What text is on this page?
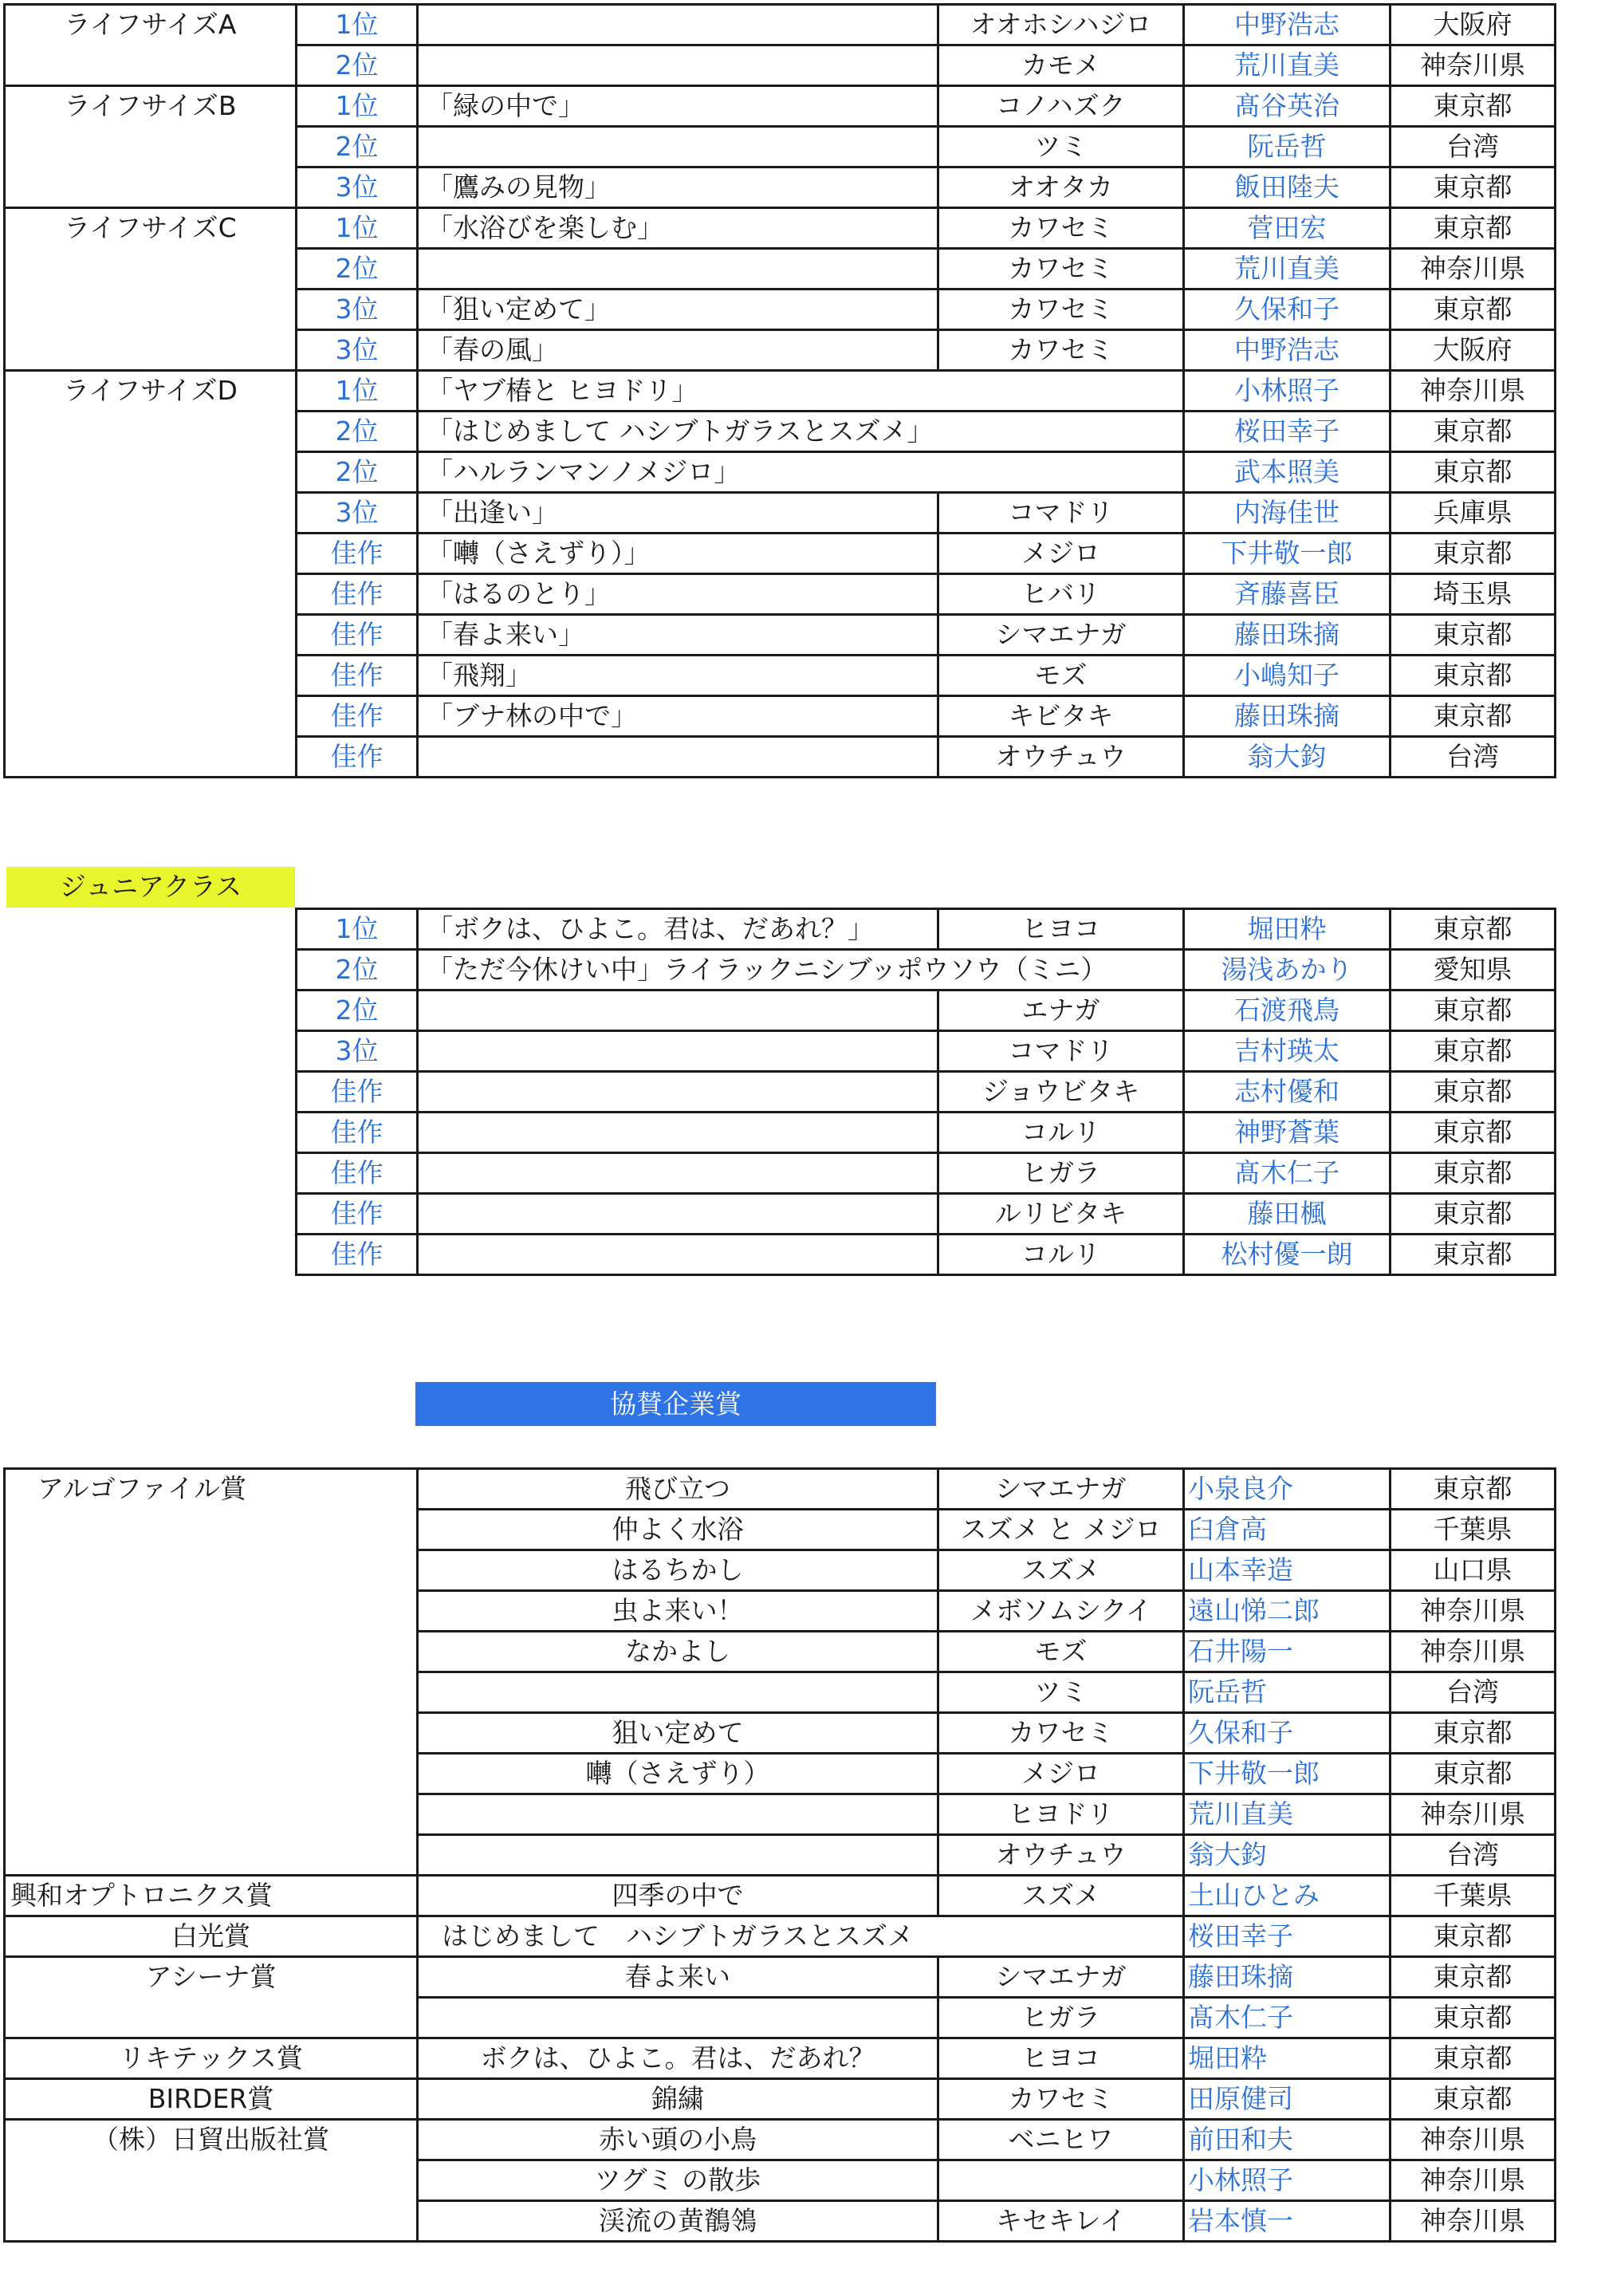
ライフサイズA	1位		オオホシハジロ	中野浩志	大阪府
	2位		カモメ	荒川直美	神奈川県
ライフサイズB	1位	「緑の中で」	コノハズク	髙谷英治	東京都
	2位		ツミ	阮岳哲	台湾
	3位	「鷹みの見物」	オオタカ	飯田陸夫	東京都
ライフサイズC	1位	「水浴びを楽しむ」	カワセミ	菅田宏	東京都
	2位		カワセミ	荒川直美	神奈川県
	3位	「狙い定めて」	カワセミ	久保和子	東京都
	3位	「春の風」	カワセミ	中野浩志	大阪府
ライフサイズD	1位	「ヤブ椿と ヒヨドリ」		小林照子	神奈川県
	2位	「はじめまして ハシブトガラスとスズメ」		桜田幸子	東京都
	2位	「ハルランマンノメジロ」		武本照美	東京都
	3位	「出逢い」	コマドリ	内海佳世	兵庫県
	佳作	「囀（さえずり）」	メジロ	下井敬一郎	東京都
	佳作	「はるのとり」	ヒバリ	斉藤喜臣	埼玉県
	佳作	「春よ来い」	シマエナガ	藤田珠摘	東京都
	佳作	「飛翔」	モズ	小嶋知子	東京都
	佳作	「ブナ林の中で」	キビタキ	藤田珠摘	東京都
	佳作		オウチュウ	翁大鈞	台湾
ジュニアクラス
1位	「ボクは、ひよこ。君は、だあれ？」	ヒヨコ	堀田粋	東京都
2位	「ただ今休けい中」ライラックニシブッポウソウ（ミニ）		湯浅あかり	愛知県
2位		エナガ	石渡飛鳥	東京都
3位		コマドリ	吉村瑛太	東京都
佳作		ジョウビタキ	志村優和	東京都
佳作		コルリ	神野蒼葉	東京都
佳作		ヒガラ	髙木仁子	東京都
佳作		ルリビタキ	藤田楓	東京都
佳作		コルリ	松村優一朗	東京都
協賛企業賞
アルゴファイル賞	飛び立つ	シマエナガ	小泉良介	東京都
	仲よく水浴	スズメ と メジロ	臼倉高	千葉県
	はるちかし	スズメ	山本幸造	山口県
	虫よ来い！	メボソムシクイ	遠山悌二郎	神奈川県
	なかよし	モズ	石井陽一	神奈川県
		ツミ	阮岳哲	台湾
	狙い定めて	カワセミ	久保和子	東京都
	囀（さえずり）	メジロ	下井敬一郎	東京都
		ヒヨドリ	荒川直美	神奈川県
		オウチュウ	翁大鈞	台湾
興和オプトロニクス賞	四季の中で	スズメ	土山ひとみ	千葉県
白光賞	はじめまして　ハシブトガラスとスズメ		桜田幸子	東京都
アシーナ賞	春よ来い	シマエナガ	藤田珠摘	東京都
		ヒガラ	髙木仁子	東京都
リキテックス賞	ボクは、ひよこ。君は、だあれ？	ヒヨコ	堀田粋	東京都
BIRDER賞	錦繍	カワセミ	田原健司	東京都
（株）日貿出版社賞	赤い頭の小鳥	ベニヒワ	前田和夫	神奈川県
	ツグミ の散歩		小林照子	神奈川県
	渓流の黄鶺鴒	キセキレイ	岩本慎一	神奈川県
